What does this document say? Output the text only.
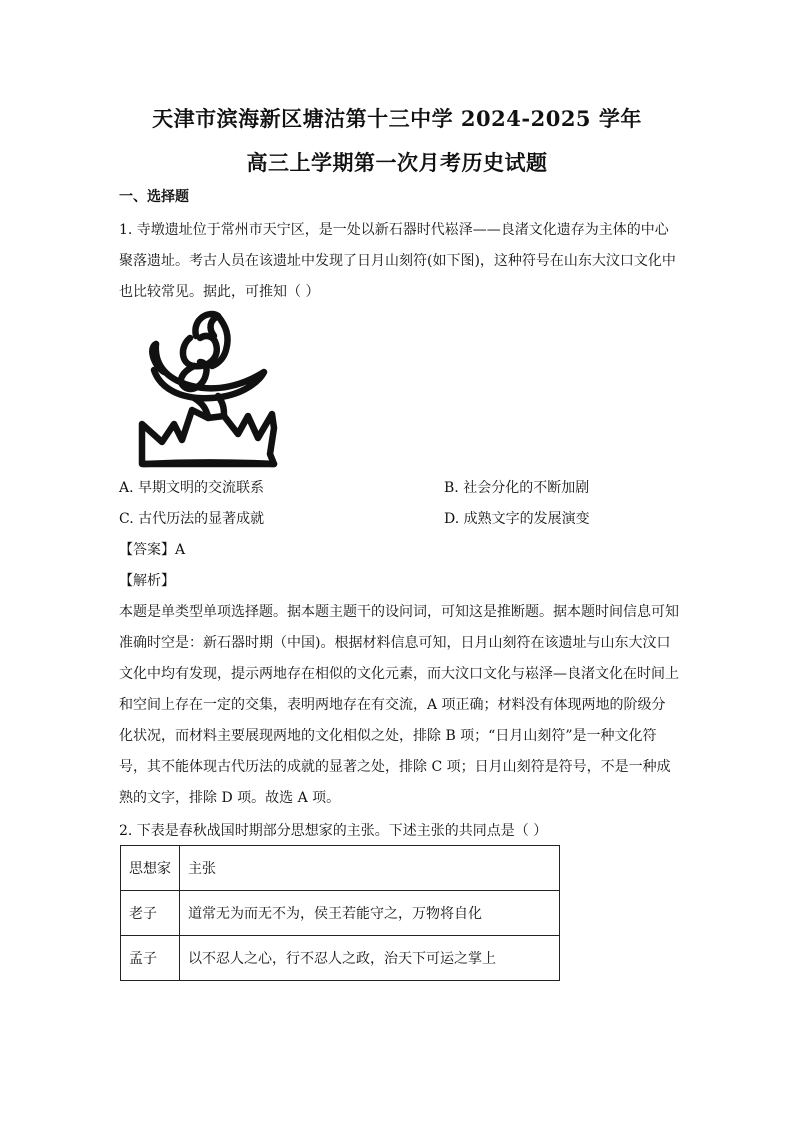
天津市滨海新区塘沽第十三中学 2024-2025 学年
高三上学期第一次月考历史试题
一、选择题
1. 寺墩遗址位于常州市天宁区，是一处以新石器时代崧泽——良渚文化遗存为主体的中心聚落遗址。考古人员在该遗址中发现了日月山刻符(如下图)，这种符号在山东大汶口文化中也比较常见。据此，可推知（ ）
A. 早期文明的交流联系	B. 社会分化的不断加剧
C. 古代历法的显著成就	D. 成熟文字的发展演变
【答案】A
【解析】
本题是单类型单项选择题。据本题主题干的设问词，可知这是推断题。据本题时间信息可知准确时空是：新石器时期（中国)。根据材料信息可知，日月山刻符在该遗址与山东大汶口文化中均有发现，提示两地存在相似的文化元素，而大汶口文化与崧泽—良渚文化在时间上和空间上存在一定的交集，表明两地存在有交流，A 项正确；材料没有体现两地的阶级分化状况，而材料主要展现两地的文化相似之处，排除 B 项；“日月山刻符”是一种文化符号，其不能体现古代历法的成就的显著之处，排除 C 项；日月山刻符是符号，不是一种成熟的文字，排除 D 项。故选 A 项。
2. 下表是春秋战国时期部分思想家的主张。下述主张的共同点是（ ）
思想家	主张
老子	道常无为而无不为，侯王若能守之，万物将自化
孟子	以不忍人之心，行不忍人之政，治天下可运之掌上
